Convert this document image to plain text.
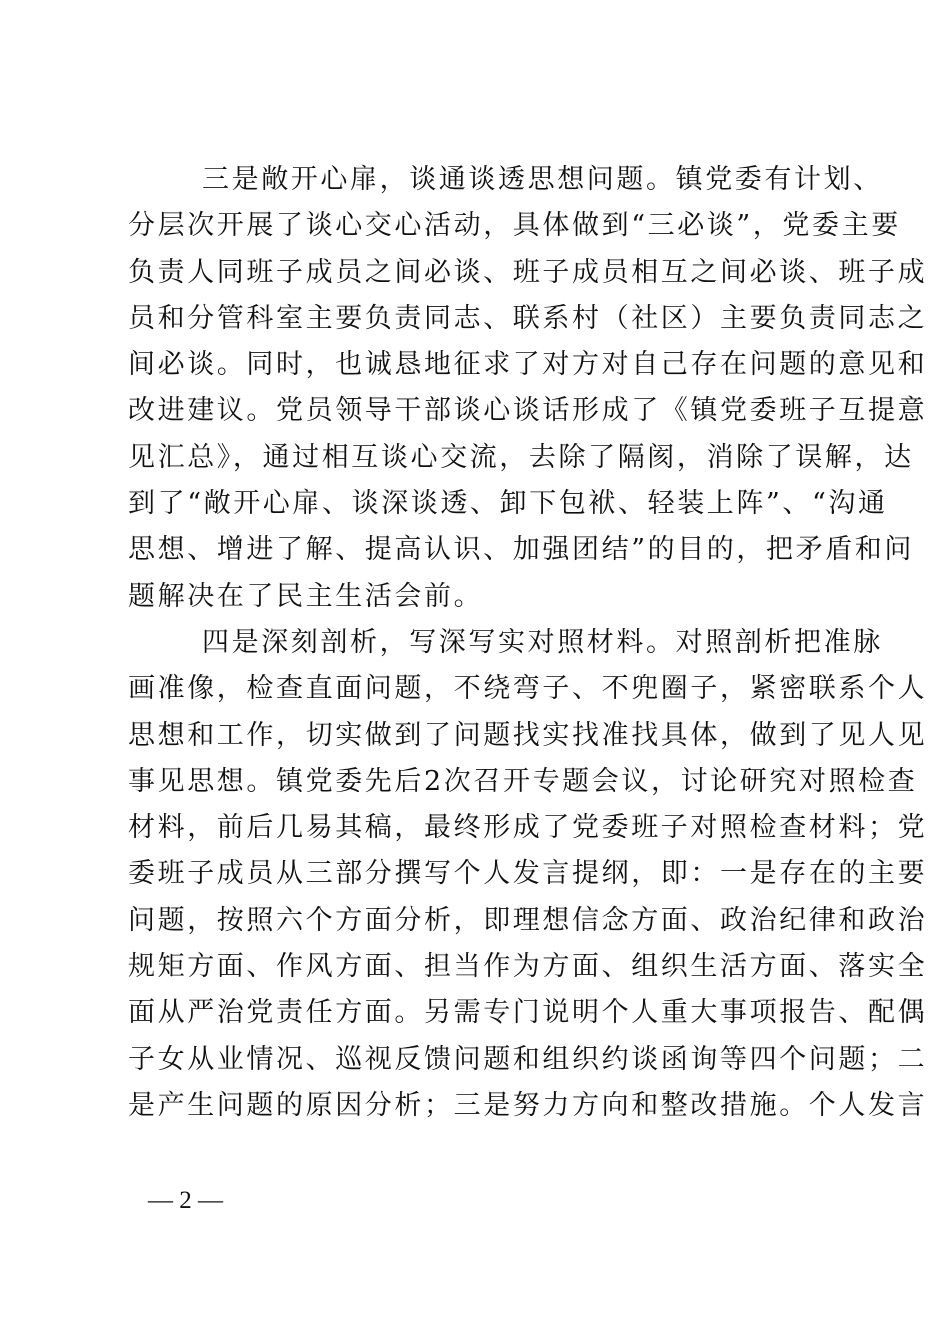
三是敞开心扉，谈通谈透思想问题。镇党委有计划、
分层次开展了谈心交心活动，具体做到“三必谈”，党委主要
负责人同班子成员之间必谈、班子成员相互之间必谈、班子成
员和分管科室主要负责同志、联系村（社区）主要负责同志之
间必谈。同时，也诚恳地征求了对方对自己存在问题的意见和
改进建议。党员领导干部谈心谈话形成了《镇党委班子互提意
见汇总》，通过相互谈心交流，去除了隔阂，消除了误解，达
到了“敞开心扉、谈深谈透、卸下包袱、轻装上阵”、“沟通
思想、增进了解、提高认识、加强团结”的目的，把矛盾和问
题解决在了民主生活会前。
四是深刻剖析，写深写实对照材料。对照剖析把准脉
画准像，检查直面问题，不绕弯子、不兜圈子，紧密联系个人
思想和工作，切实做到了问题找实找准找具体，做到了见人见
事见思想。镇党委先后2次召开专题会议，讨论研究对照检查
材料，前后几易其稿，最终形成了党委班子对照检查材料；党
委班子成员从三部分撰写个人发言提纲，即：一是存在的主要
问题，按照六个方面分析，即理想信念方面、政治纪律和政治
规矩方面、作风方面、担当作为方面、组织生活方面、落实全
面从严治党责任方面。另需专门说明个人重大事项报告、配偶
子女从业情况、巡视反馈问题和组织约谈函询等四个问题；二
是产生问题的原因分析；三是努力方向和整改措施。个人发言
— 2 —
